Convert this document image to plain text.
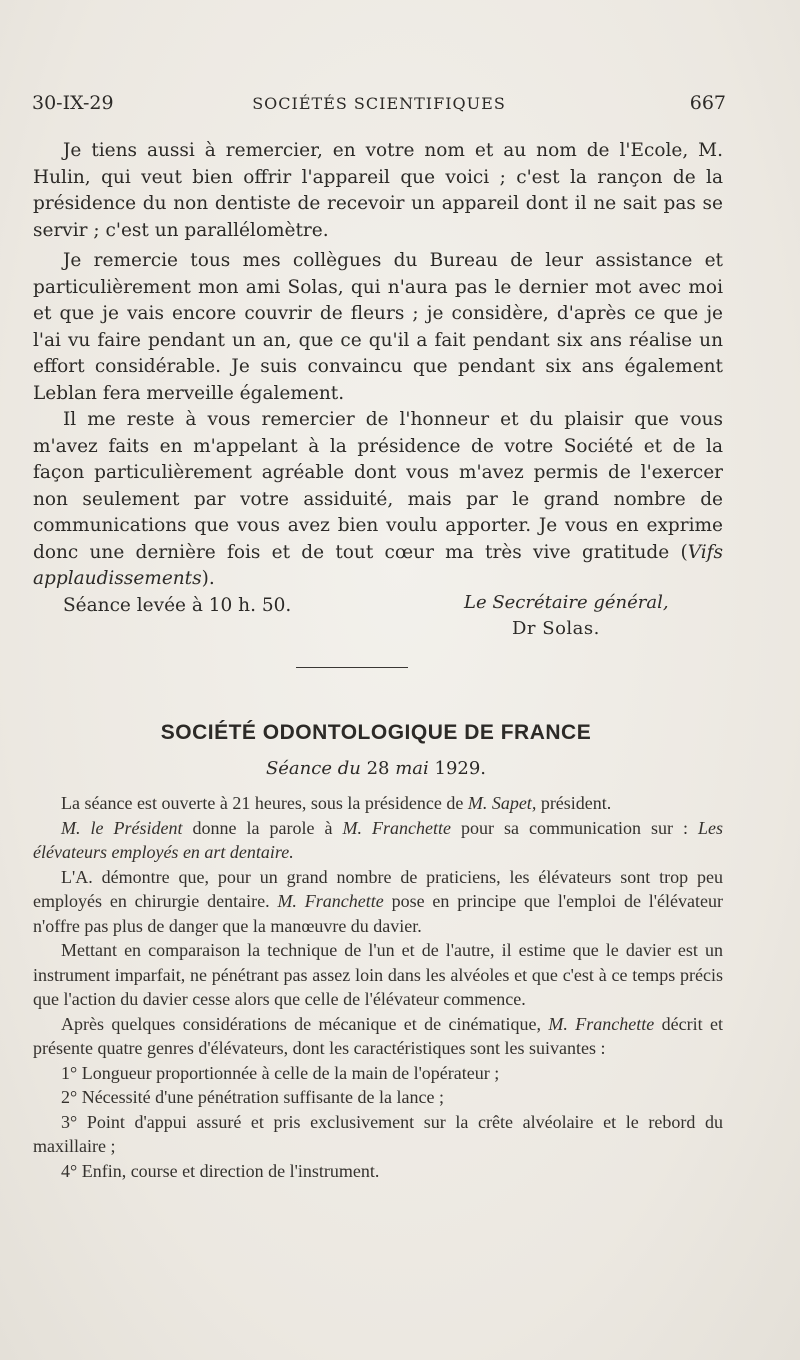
30-IX-29	SOCIÉTÉS SCIENTIFIQUES	667

Je tiens aussi à remercier, en votre nom et au nom de l'Ecole, M. Hulin, qui veut bien offrir l'appareil que voici ; c'est la rançon de la présidence du non dentiste de recevoir un appareil dont il ne sait pas se servir ; c'est un parallélomètre.

Je remercie tous mes collègues du Bureau de leur assistance et particulièrement mon ami Solas, qui n'aura pas le dernier mot avec moi et que je vais encore couvrir de fleurs ; je considère, d'après ce que je l'ai vu faire pendant un an, que ce qu'il a fait pendant six ans réalise un effort considérable. Je suis convaincu que pendant six ans également Leblan fera merveille également.

Il me reste à vous remercier de l'honneur et du plaisir que vous m'avez faits en m'appelant à la présidence de votre Société et de la façon particulièrement agréable dont vous m'avez permis de l'exercer non seulement par votre assiduité, mais par le grand nombre de communications que vous avez bien voulu apporter. Je vous en exprime donc une dernière fois et de tout cœur ma très vive gratitude (Vifs applaudissements).

Séance levée à 10 h. 50.	Le Secrétaire général,
Dr Solas.
SOCIÉTÉ ODONTOLOGIQUE DE FRANCE
Séance du 28 mai 1929.

La séance est ouverte à 21 heures, sous la présidence de M. Sapet, président.

M. le Président donne la parole à M. Franchette pour sa communication sur : Les élévateurs employés en art dentaire.

L'A. démontre que, pour un grand nombre de praticiens, les élévateurs sont trop peu employés en chirurgie dentaire. M. Franchette pose en principe que l'emploi de l'élévateur n'offre pas plus de danger que la manœuvre du davier.

Mettant en comparaison la technique de l'un et de l'autre, il estime que le davier est un instrument imparfait, ne pénétrant pas assez loin dans les alvéoles et que c'est à ce temps précis que l'action du davier cesse alors que celle de l'élévateur commence.

Après quelques considérations de mécanique et de cinématique, M. Franchette décrit et présente quatre genres d'élévateurs, dont les caractéristiques sont les suivantes :

1° Longueur proportionnée à celle de la main de l'opérateur ;

2° Nécessité d'une pénétration suffisante de la lance ;

3° Point d'appui assuré et pris exclusivement sur la crête alvéolaire et le rebord du maxillaire ;

4° Enfin, course et direction de l'instrument.
